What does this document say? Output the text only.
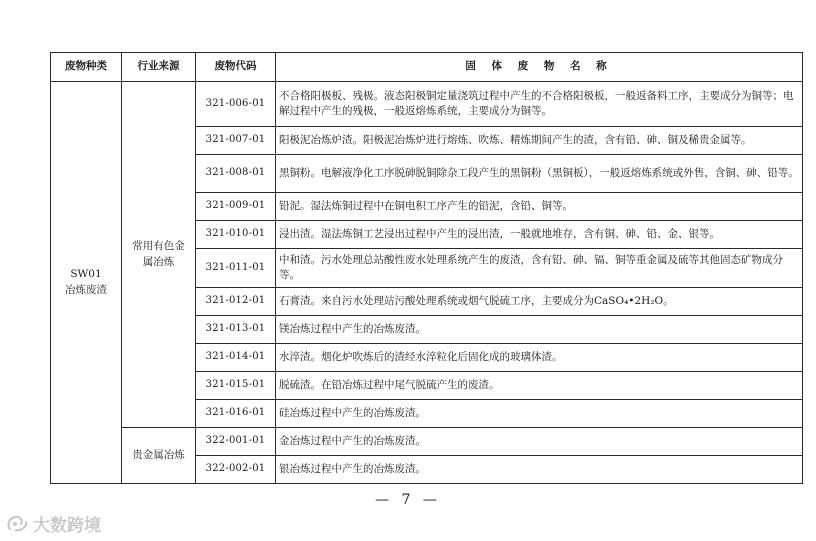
废物种类	行业来源	废物代码	固 体 废 物 名 称

SW01
冶炼废渣	常用有色金属冶炼	321-006-01	不合格阳极板、残极。液态阳极铜定量浇筑过程中产生的不合格阳极板，一般返备料工序，主要成分为铜等；电解过程中产生的残极，一般返熔炼系统，主要成分为铜等。
		321-007-01	阳极泥冶炼炉渣。阳极泥冶炼炉进行熔炼、吹炼、精炼期间产生的渣，含有铅、砷、铜及稀贵金属等。
		321-008-01	黑铜粉。电解液净化工序脱砷脱铜除杂工段产生的黑铜粉（黑铜板），一般返熔炼系统或外售，含铜、砷、铅等。
		321-009-01	铅泥。湿法炼铜过程中在铜电积工序产生的铅泥，含铅、铜等。
		321-010-01	浸出渣。湿法炼铜工艺浸出过程中产生的浸出渣，一般就地堆存，含有铜、砷、铅、金、银等。
		321-011-01	中和渣。污水处理总站酸性废水处理系统产生的废渣，含有铅、砷、镉、铜等重金属及硫等其他固态矿物成分等。
		321-012-01	石膏渣。来自污水处理站污酸处理系统或烟气脱硫工序，主要成分为CaSO₄•2H₂O。
		321-013-01	镁冶炼过程中产生的冶炼废渣。
		321-014-01	水淬渣。烟化炉吹炼后的渣经水淬粒化后固化成的玻璃体渣。
		321-015-01	脱硫渣。在铅冶炼过程中尾气脱硫产生的废渣。
		321-016-01	硅冶炼过程中产生的冶炼废渣。
	贵金属冶炼	322-001-01	金冶炼过程中产生的冶炼废渣。
		322-002-01	银冶炼过程中产生的冶炼废渣。
— 7 —
大数跨境
